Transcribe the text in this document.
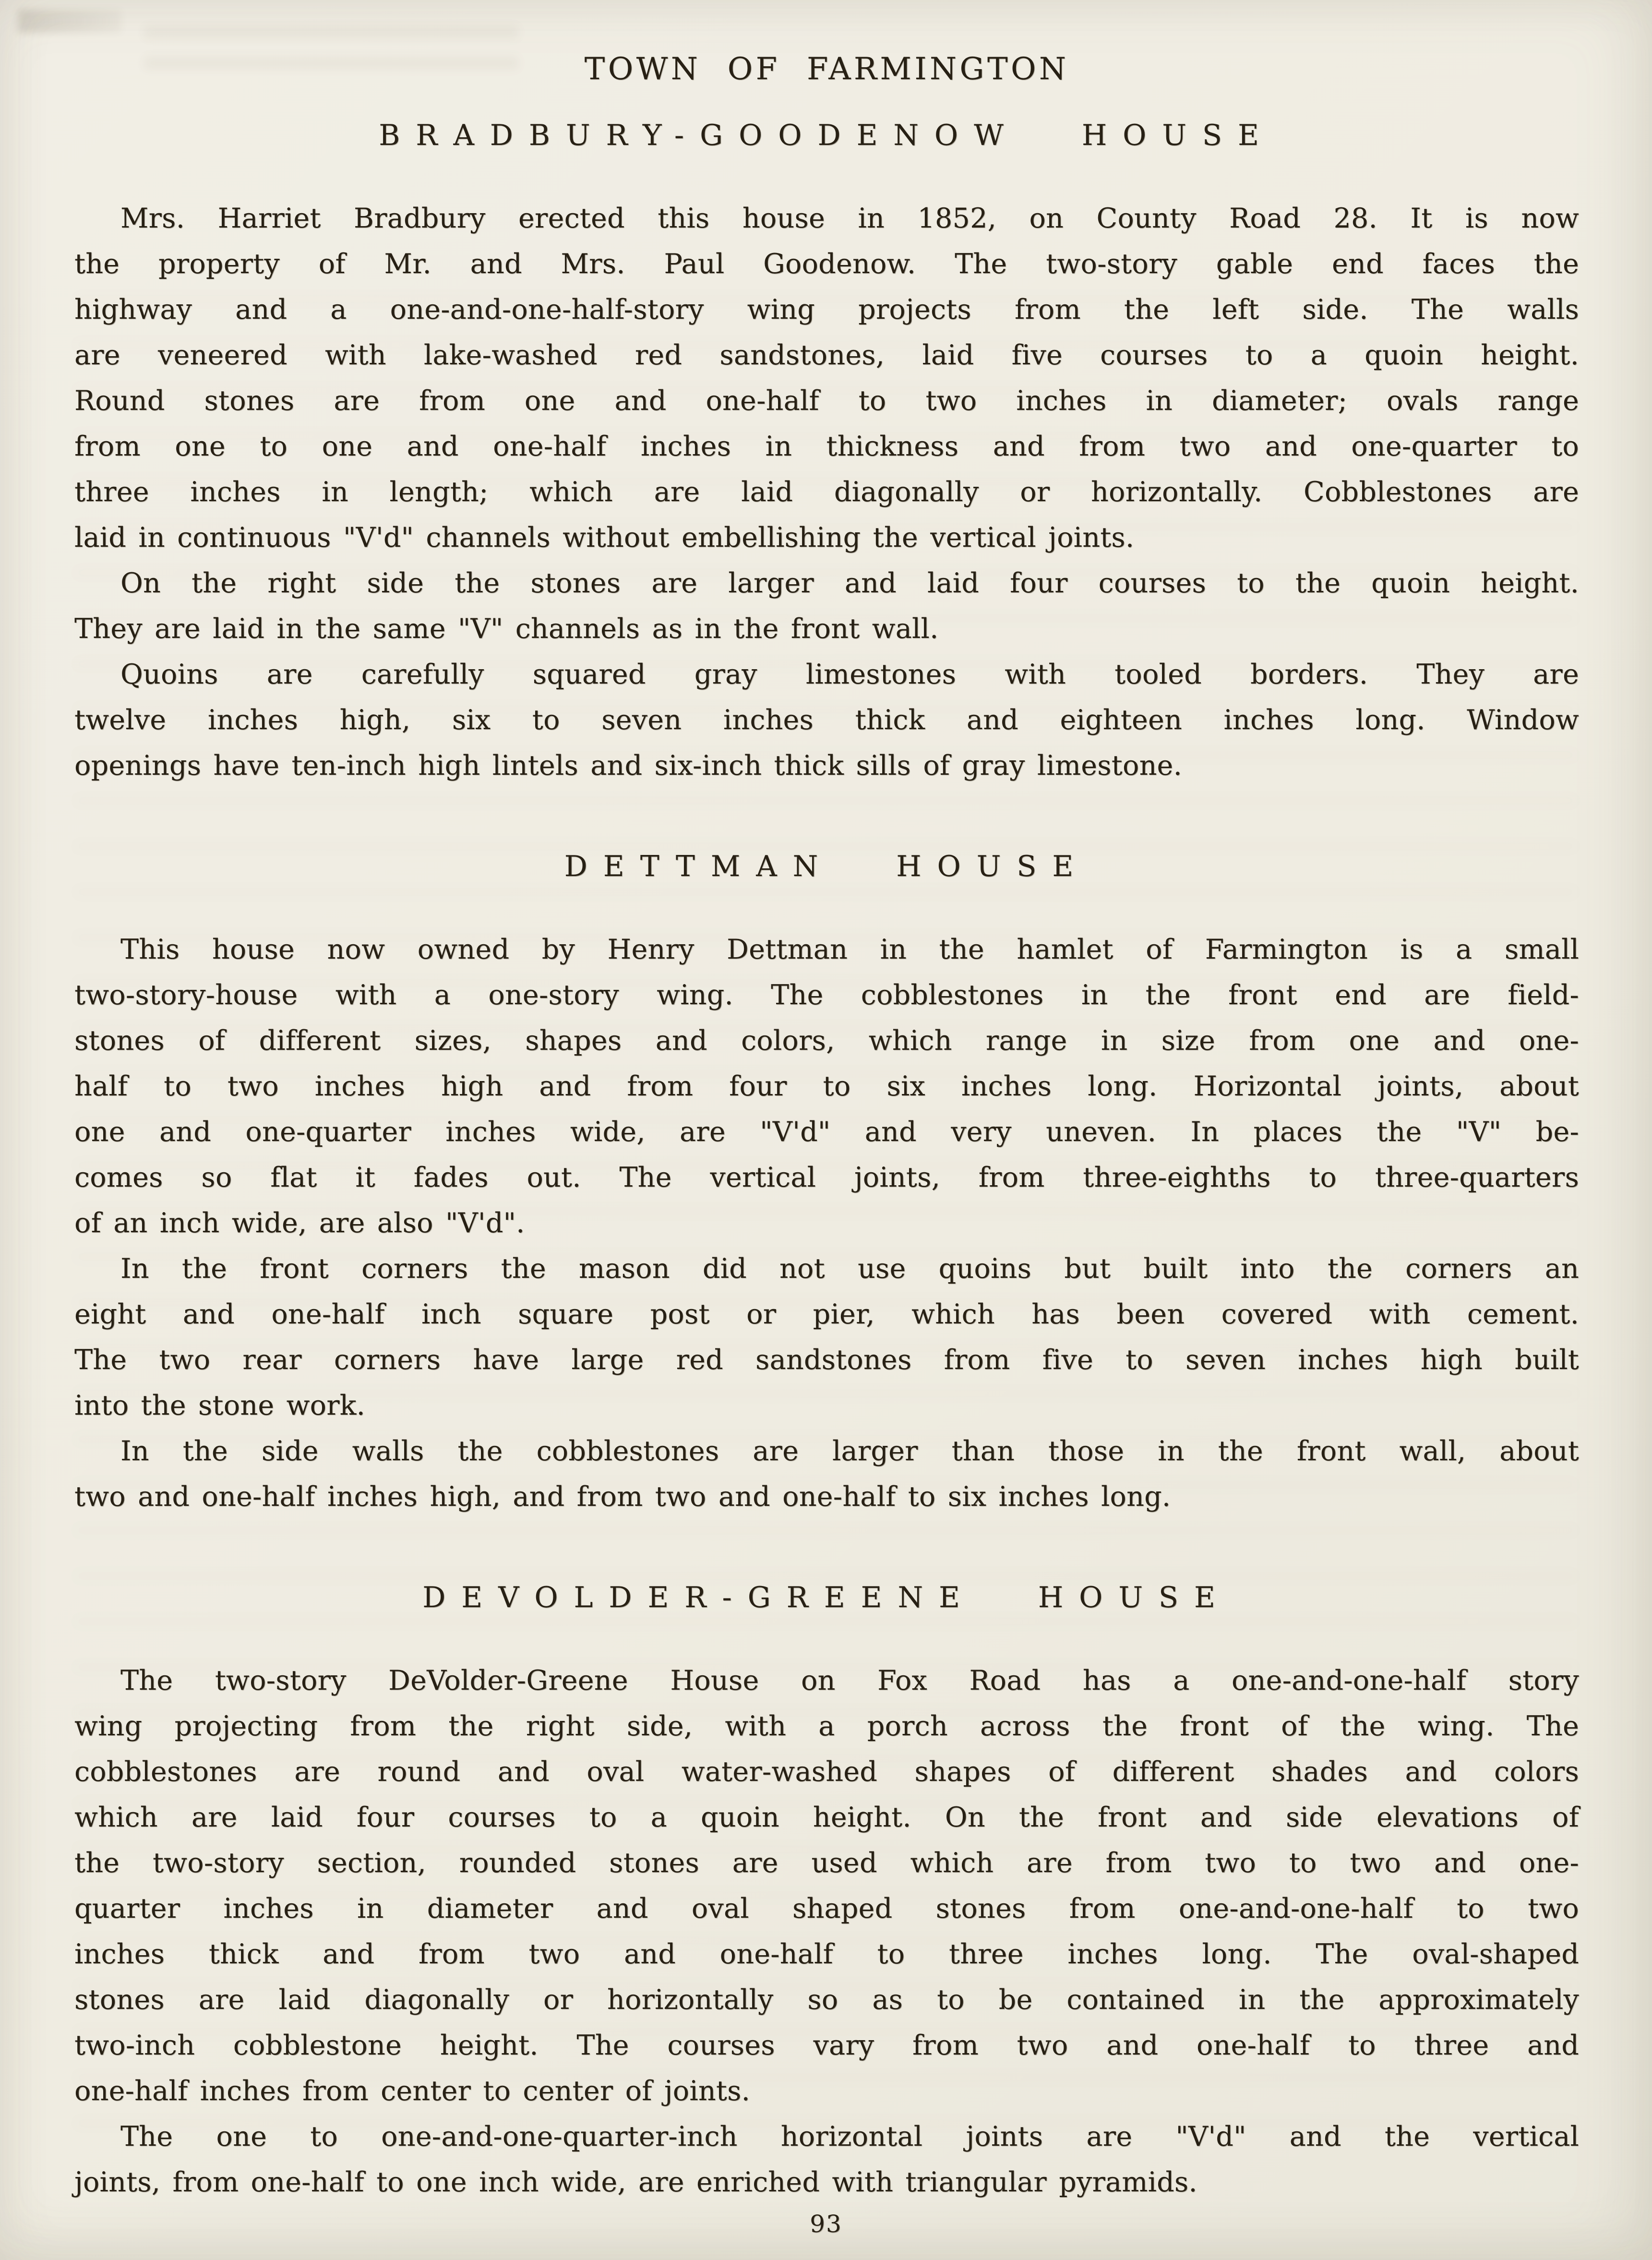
TOWN OF FARMINGTON
BRADBURY-GOODENOW HOUSE

Mrs. Harriet Bradbury erected this house in 1852, on County Road 28. It is now
the property of Mr. and Mrs. Paul Goodenow. The two-story gable end faces the
highway and a one-and-one-half-story wing projects from the left side. The walls
are veneered with lake-washed red sandstones, laid five courses to a quoin height.
Round stones are from one and one-half to two inches in diameter; ovals range
from one to one and one-half inches in thickness and from two and one-quarter to
three inches in length; which are laid diagonally or horizontally. Cobblestones are
laid in continuous "V'd" channels without embellishing the vertical joints.

On the right side the stones are larger and laid four courses to the quoin height.
They are laid in the same "V" channels as in the front wall.

Quoins are carefully squared gray limestones with tooled borders. They are
twelve inches high, six to seven inches thick and eighteen inches long. Window
openings have ten-inch high lintels and six-inch thick sills of gray limestone.

DETTMAN HOUSE

This house now owned by Henry Dettman in the hamlet of Farmington is a small
two-story-house with a one-story wing. The cobblestones in the front end are field-
stones of different sizes, shapes and colors, which range in size from one and one-
half to two inches high and from four to six inches long. Horizontal joints, about
one and one-quarter inches wide, are "V'd" and very uneven. In places the "V" be-
comes so flat it fades out. The vertical joints, from three-eighths to three-quarters
of an inch wide, are also "V'd".

In the front corners the mason did not use quoins but built into the corners an
eight and one-half inch square post or pier, which has been covered with cement.
The two rear corners have large red sandstones from five to seven inches high built
into the stone work.

In the side walls the cobblestones are larger than those in the front wall, about
two and one-half inches high, and from two and one-half to six inches long.

DEVOLDER-GREENE HOUSE

The two-story DeVolder-Greene House on Fox Road has a one-and-one-half story
wing projecting from the right side, with a porch across the front of the wing. The
cobblestones are round and oval water-washed shapes of different shades and colors
which are laid four courses to a quoin height. On the front and side elevations of
the two-story section, rounded stones are used which are from two to two and one-
quarter inches in diameter and oval shaped stones from one-and-one-half to two
inches thick and from two and one-half to three inches long. The oval-shaped
stones are laid diagonally or horizontally so as to be contained in the approximately
two-inch cobblestone height. The courses vary from two and one-half to three and
one-half inches from center to center of joints.

The one to one-and-one-quarter-inch horizontal joints are "V'd" and the vertical
joints, from one-half to one inch wide, are enriched with triangular pyramids.

93
